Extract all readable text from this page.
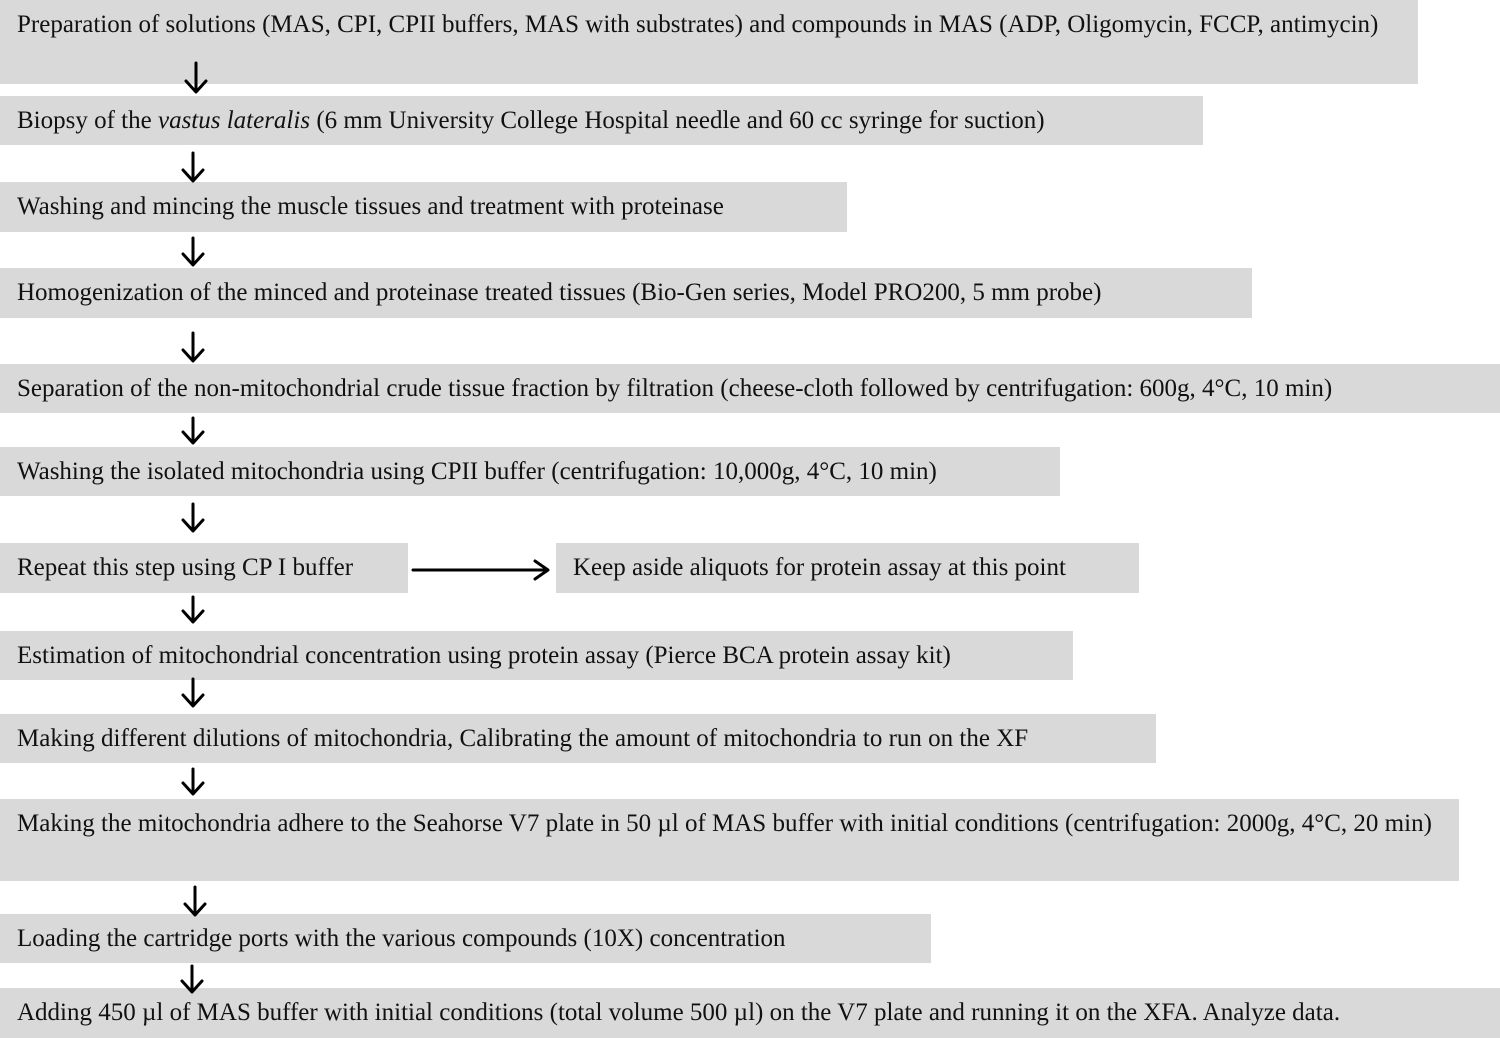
Preparation of solutions (MAS, CPI, CPII buffers, MAS with substrates) and compounds in MAS (ADP, Oligomycin, FCCP, antimycin)
Biopsy of the vastus lateralis (6 mm University College Hospital needle and 60 cc syringe for suction)
Washing and mincing the muscle tissues and treatment with proteinase
Homogenization of the minced and proteinase treated tissues (Bio-Gen series, Model PRO200, 5 mm probe)
Separation of the non-mitochondrial crude tissue fraction by filtration (cheese-cloth followed by centrifugation: 600g, 4°C, 10 min)
Washing the isolated mitochondria using CPII buffer (centrifugation: 10,000g, 4°C, 10 min)
Repeat this step using CP I buffer	Keep aside aliquots for protein assay at this point
Estimation of mitochondrial concentration using protein assay (Pierce BCA protein assay kit)
Making different dilutions of mitochondria, Calibrating the amount of mitochondria to run on the XF
Making the mitochondria adhere to the Seahorse V7 plate in 50 µl of MAS buffer with initial conditions (centrifugation: 2000g, 4°C, 20 min)
Loading the cartridge ports with the various compounds (10X) concentration
Adding 450 µl of MAS buffer with initial conditions (total volume 500 µl) on the V7 plate and running it on the XFA. Analyze data.
